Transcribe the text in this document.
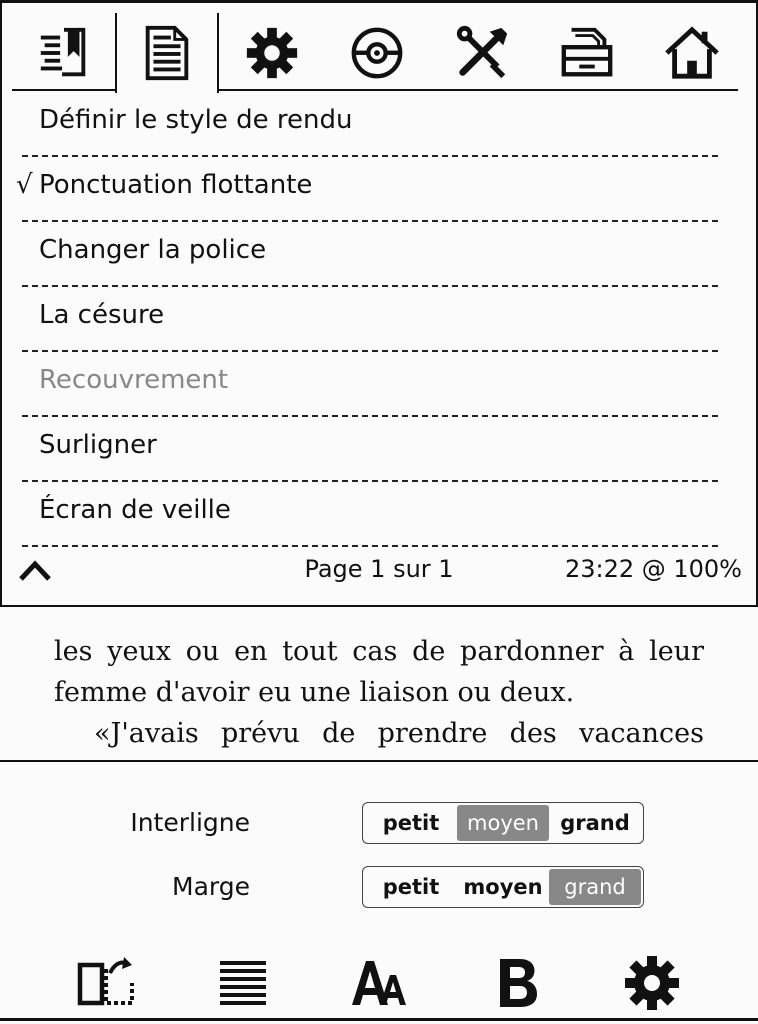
les yeux ou en tout cas de pardonner à leur
femme d'avoir eu une liaison ou deux.
«J'avais prévu de prendre des vacances
Définir le style de rendu
√ Ponctuation flottante
Changer la police
La césure
Recouvrement
Surligner
Écran de veille
Page 1 sur 1	23:22 @ 100%
Interligne	petit	moyen	grand
Marge	petit	moyen	grand
